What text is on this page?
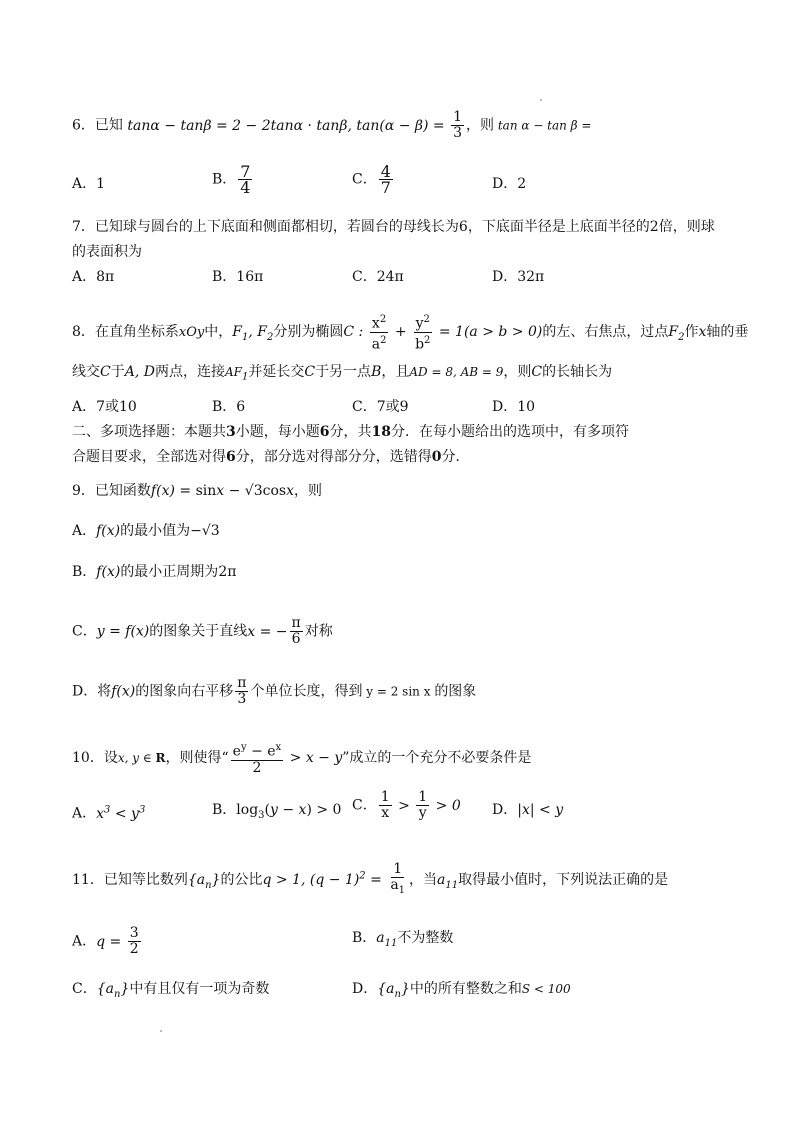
6．已知 tanα − tanβ = 2 − 2tanα · tanβ, $\tan(\alpha - \beta) = \frac{1}{3}$ ，则 tan α − tan β =
A．1	B． $\frac{7}{4}$	C． $\frac{4}{7}$	D．2
7．已知球与圆台的上下底面和侧面都相切，若圆台的母线长为6，下底面半径是上底面半径的2倍，则球
的表面积为
A．8π	B．16π	C．24π	D．32π
8．在直角坐标系xOy中，$F_1$, $F_2$分别为椭圆C : $\frac{x^2}{a^2} + \frac{y^2}{b^2} = 1(a > b > 0)$的左、右焦点，过点$F_2$作x轴的垂
线交C于A, D两点，连接$AF_1$并延长交C于另一点B，且AD = 8, AB = 9，则C的长轴长为
A．7或10	B．6	C．7或9	D．10
二、多项选择题：本题共3小题，每小题6分，共18分．在每小题给出的选项中，有多项符
合题目要求，全部选对得6分，部分选对得部分分，选错得0分．
9．已知函数f(x) = sinx − √3cosx，则
A．f(x)的最小值为−√3
B．f(x)的最小正周期为2π
C．y = f(x)的图象关于直线x = − $\frac{\pi}{6}$ 对称
D．将f(x)的图象向右平移 $\frac{\pi}{3}$ 个单位长度，得到 y = 2 sin x 的图象
10．设x, y ∈ R，则使得“ $\frac{e^y - e^x}{2} > x - y$”成立的一个充分不必要条件是
A．$x^3 < y^3$	B．$\log_3(y - x) > 0$ C． $\frac{1}{x} > \frac{1}{y} > 0$ D．|x| < y
11．已知等比数列$\{a_n\}$的公比q > 1, $(q - 1)^2 = \frac{1}{a_1}$ ，当$a_{11}$取得最小值时，下列说法正确的是
A．$q = \frac{3}{2}$	B．$a_{11}$不为整数
C．$\{a_n\}$中有且仅有一项为奇数	D．$\{a_n\}$中的所有整数之和S < 100
